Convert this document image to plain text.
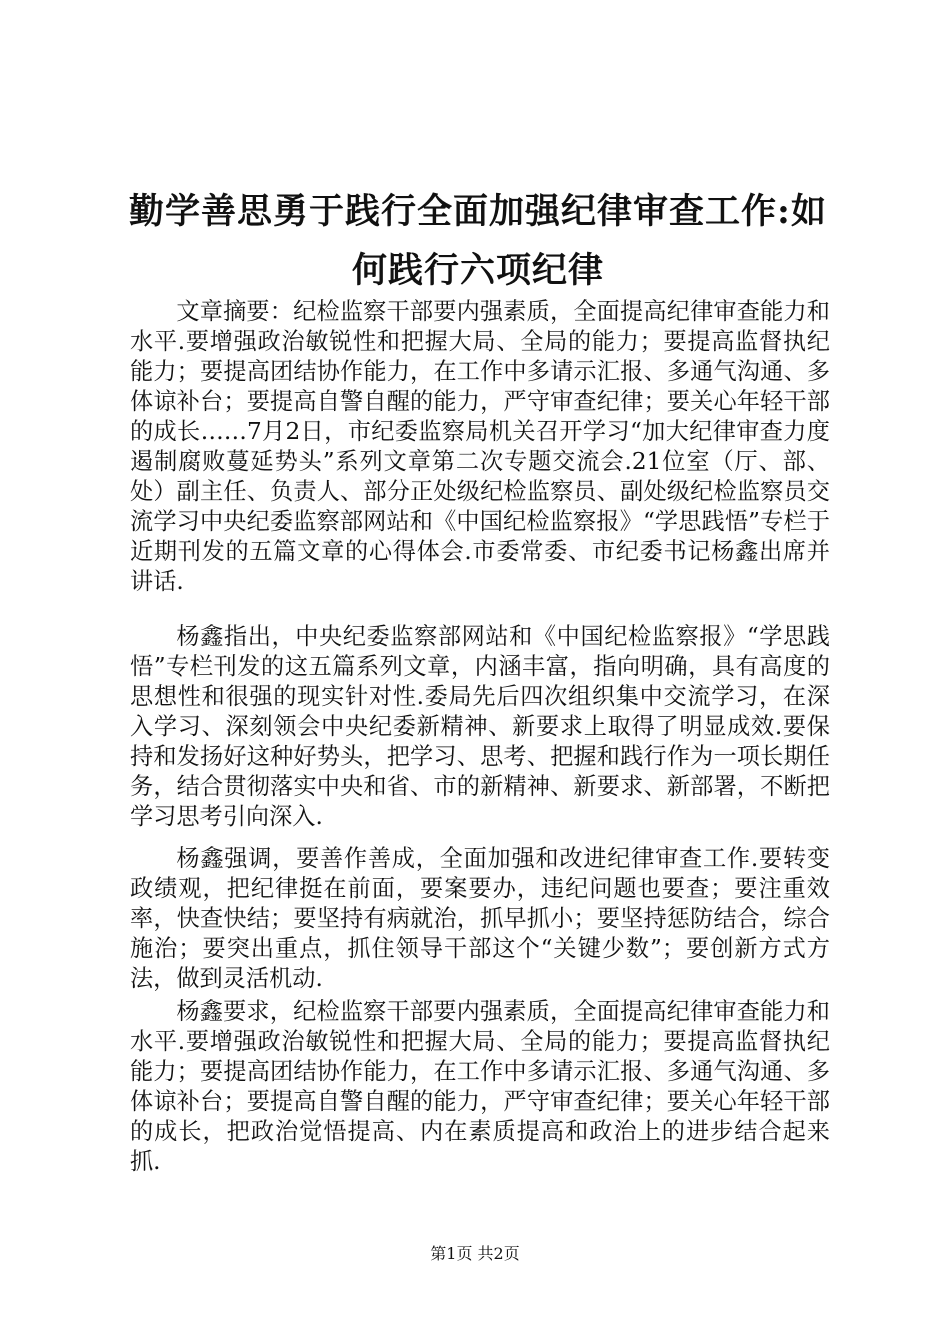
勤学善思勇于践行全面加强纪律审查工作:如何践行六项纪律

文章摘要：纪检监察干部要内强素质，全面提高纪律审查能力和水平.要增强政治敏锐性和把握大局、全局的能力；要提高监督执纪能力；要提高团结协作能力，在工作中多请示汇报、多通气沟通、多体谅补台；要提高自警自醒的能力，严守审查纪律；要关心年轻干部的成长……7月2日，市纪委监察局机关召开学习“加大纪律审查力度遏制腐败蔓延势头”系列文章第二次专题交流会.21位室（厅、部、处）副主任、负责人、部分正处级纪检监察员、副处级纪检监察员交流学习中央纪委监察部网站和《中国纪检监察报》“学思践悟”专栏于近期刊发的五篇文章的心得体会.市委常委、市纪委书记杨鑫出席并讲话.

杨鑫指出，中央纪委监察部网站和《中国纪检监察报》“学思践悟”专栏刊发的这五篇系列文章，内涵丰富，指向明确，具有高度的思想性和很强的现实针对性.委局先后四次组织集中交流学习，在深入学习、深刻领会中央纪委新精神、新要求上取得了明显成效.要保持和发扬好这种好势头，把学习、思考、把握和践行作为一项长期任务，结合贯彻落实中央和省、市的新精神、新要求、新部署，不断把学习思考引向深入.

杨鑫强调，要善作善成，全面加强和改进纪律审查工作.要转变政绩观，把纪律挺在前面，要案要办，违纪问题也要查；要注重效率，快查快结；要坚持有病就治，抓早抓小；要坚持惩防结合，综合施治；要突出重点，抓住领导干部这个“关键少数”；要创新方式方法，做到灵活机动.

杨鑫要求，纪检监察干部要内强素质，全面提高纪律审查能力和水平.要增强政治敏锐性和把握大局、全局的能力；要提高监督执纪能力；要提高团结协作能力，在工作中多请示汇报、多通气沟通、多体谅补台；要提高自警自醒的能力，严守审查纪律；要关心年轻干部的成长，把政治觉悟提高、内在素质提高和政治上的进步结合起来抓.

第1页 共2页
